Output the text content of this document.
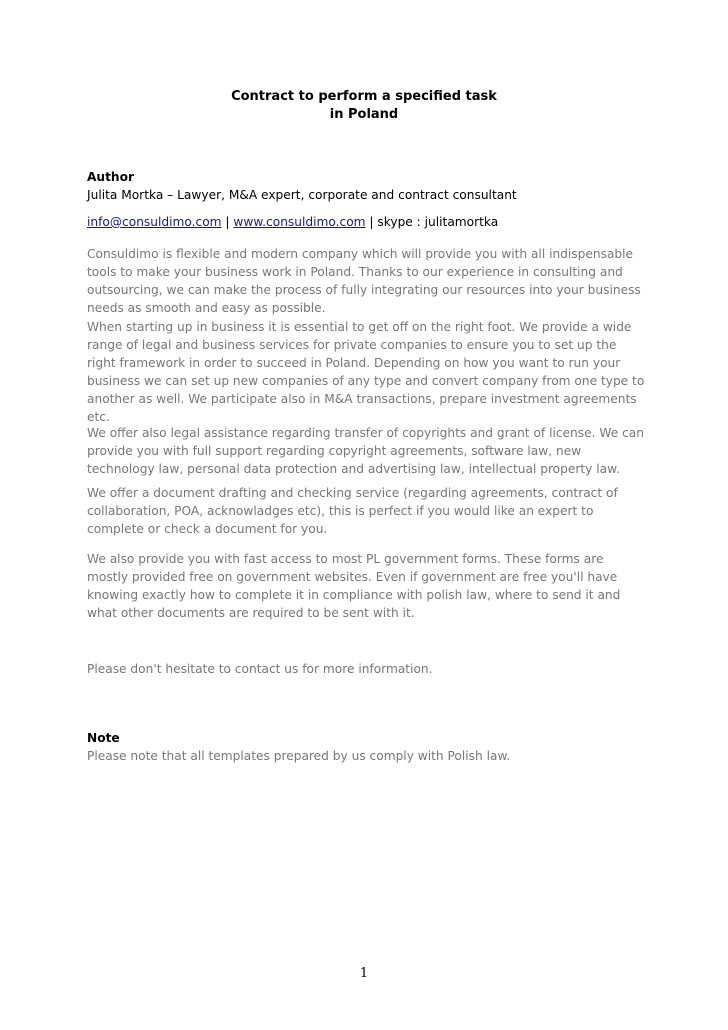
Contract to perform a specified task
in Poland
Author
Julita Mortka – Lawyer, M&A expert, corporate and contract consultant
info@consuldimo.com | www.consuldimo.com | skype : julitamortka
Consuldimo is flexible and modern company which will provide you with all indispensable tools to make your business work in Poland. Thanks to our experience in consulting and outsourcing, we can make the process of fully integrating our resources into your business needs as smooth and easy as possible.
When starting up in business it is essential to get off on the right foot. We provide a wide range of legal and business services for private companies to ensure you to set up the right framework in order to succeed in Poland. Depending on how you want to run your business we can set up new companies of any type and convert company from one type to another as well. We participate also in M&A transactions, prepare investment agreements etc.
We offer also legal assistance regarding transfer of copyrights and grant of license. We can provide you with full support regarding copyright agreements, software law, new technology law, personal data protection and advertising law, intellectual property law.
We offer a document drafting and checking service (regarding agreements, contract of collaboration, POA, acknowladges etc), this is perfect if you would like an expert to complete or check a document for you.
We also provide you with fast access to most PL government forms. These forms are mostly provided free on government websites. Even if government are free you'll have knowing exactly how to complete it in compliance with polish law, where to send it and what other documents are required to be sent with it.
Please don't hesitate to contact us for more information.
Note
Please note that all templates prepared by us comply with Polish law.
1
